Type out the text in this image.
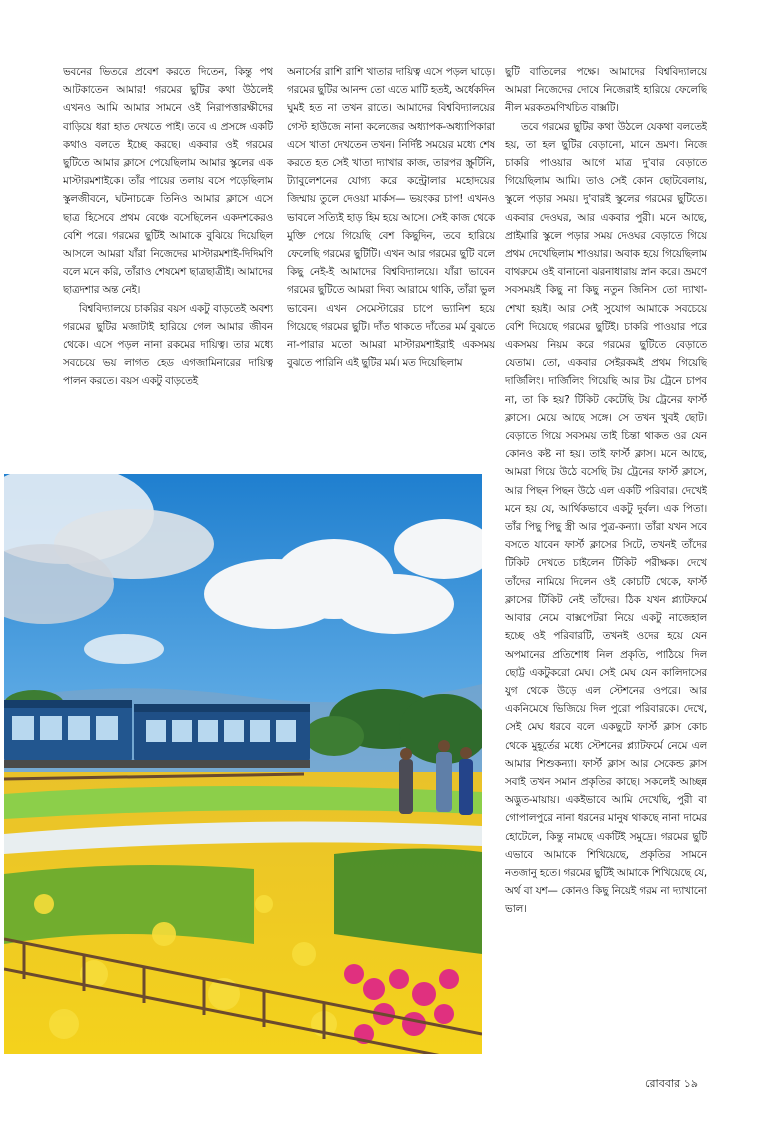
ভবনের ভিতরে প্রবেশ করতে দিতেন, কিন্তু পথ আটকাতেন আমার! গরমের ছুটির কথা উঠলেই এখনও আমি আমার সামনে ওই নিরাপত্তারক্ষীদের বাড়িয়ে ধরা হাত দেখতে পাই। তবে এ প্রসঙ্গে একটি কথাও বলতে ইচ্ছে করছে। একবার ওই গরমের ছুটিতে আমার ক্লাসে পেয়েছিলাম আমার স্কুলের এক মাস্টারমশাইকে। তাঁর পায়ের তলায় বসে পড়েছিলাম স্কুলজীবনে, ঘটনাচক্রে তিনিও আমার ক্লাসে এসে ছাত্র হিসেবে প্রথম বেঞ্চে বসেছিলেন একদশকেরও বেশি পরে। গরমের ছুটিই আমাকে বুঝিয়ে দিয়েছিল আসলে আমরা যাঁরা নিজেদের মাস্টারমশাই-দিদিমণি বলে মনে করি, তাঁরাও শেষমেশ ছাত্রছাত্রীই। আমাদের ছাত্রদশার অন্ত নেই।

বিশ্ববিদ্যালয়ে চাকরির বয়স একটু বাড়তেই অবশ্য গরমের ছুটির মজাটাই হারিয়ে গেল আমার জীবন থেকে। এসে পড়ল নানা রকমের দায়িত্ব। তার মধ্যে সবচেয়ে ভয় লাগত হেড এগজামিনারের দায়িত্ব পালন করতে। বয়স একটু বাড়তেই

অনার্সের রাশি রাশি খাতার দায়িত্ব এসে পড়ল ঘাড়ে। গরমের ছুটির আনন্দ তো এতে মাটি হতই, অর্ধেকদিন ঘুমই হত না তখন রাতে। আমাদের বিশ্ববিদ্যালয়ের গেস্ট হাউজে নানা কলেজের অধ্যাপক-অধ্যাপিকারা এসে খাতা দেখতেন তখন। নির্দিষ্ট সময়ের মধ্যে শেষ করতে হত সেই খাতা দ্যাখার কাজ, তারপর স্ক্রুটিনি, ট্যাবুলেশনের যোগ্য করে কন্ট্রোলার মহোদয়ের জিম্মায় তুলে দেওয়া মার্কস— ভয়ংকর চাপ! এখনও ভাবলে সত্যিই হাড় হিম হয়ে আসে। সেই কাজ থেকে মুক্তি পেয়ে গিয়েছি বেশ কিছুদিন, তবে হারিয়ে ফেলেছি গরমের ছুটিটি। এখন আর গরমের ছুটি বলে কিছু নেই-ই আমাদের বিশ্ববিদ্যালয়ে। যাঁরা ভাবেন গরমের ছুটিতে আমরা দিব্য আরামে থাকি, তাঁরা ভুল ভাবেন। এখন সেমেস্টারের চাপে ভ্যানিশ হয়ে গিয়েছে গরমের ছুটি। দাঁত থাকতে দাঁতের মর্ম বুঝতে না-পারার মতো আমরা মাস্টারমশাইরাই একসময় বুঝতে পারিনি এই ছুটির মর্ম। মত দিয়েছিলাম

ছুটি বাতিলের পক্ষে। আমাদের বিশ্ববিদ্যালয়ে আমরা নিজেদের দোষে নিজেরাই হারিয়ে ফেলেছি নীল মরকতমণিখচিত বাক্সটি।

তবে গরমের ছুটির কথা উঠলে যেকথা বলতেই হয়, তা হল ছুটির বেড়ানো, মানে ভ্রমণ। নিজে চাকরি পাওয়ার আগে মাত্র দু'বার বেড়াতে গিয়েছিলাম আমি। তাও সেই কোন ছোটবেলায়, স্কুলে পড়ার সময়। দু'বারই স্কুলের গরমের ছুটিতে। একবার দেওঘর, আর একবার পুরী। মনে আছে, প্রাইমারি স্কুলে পড়ার সময় দেওঘর বেড়াতে গিয়ে প্রথম দেখেছিলাম শাওয়ার। অবাক হয়ে গিয়েছিলাম বাথরুমে ওই বানানো ঝরনাধারায় স্নান করে। ভ্রমণে সবসময়ই কিছু না কিছু নতুন জিনিস তো দ্যাখা-শেখা হয়ই। আর সেই সুযোগ আমাকে সবচেয়ে বেশি দিয়েছে গরমের ছুটিই। চাকরি পাওয়ার পরে একসময় নিয়ম করে গরমের ছুটিতে বেড়াতে যেতাম। তো, একবার সেইরকমই প্রথম গিয়েছি দার্জিলিং। দার্জিলিং গিয়েছি আর টয় ট্রেনে চাপব না, তা কি হয়? টিকিট কেটেছি টয় ট্রেনের ফার্স্ট ক্লাসে। মেয়ে আছে সঙ্গে। সে তখন খুবই ছোট। বেড়াতে গিয়ে সবসময় তাই চিন্তা থাকত ওর যেন কোনও কষ্ট না হয়। তাই ফার্স্ট ক্লাস। মনে আছে, আমরা গিয়ে উঠে বসেছি টয় ট্রেনের ফার্স্ট ক্লাসে, আর পিছন পিছন উঠে এল একটি পরিবার। দেখেই মনে হয় যে, আর্থিকভাবে একটু দুর্বল। এক পিতা। তাঁর পিছু পিছু স্ত্রী আর পুত্র-কন্যা। তাঁরা যখন সবে বসতে যাবেন ফার্স্ট ক্লাসের সিটে, তখনই তাঁদের টিকিট দেখতে চাইলেন টিকিট পরীক্ষক। দেখে তাঁদের নামিয়ে দিলেন ওই কোচটি থেকে, ফার্স্ট ক্লাসের টিকিট নেই তাঁদের। ঠিক যখন প্ল্যাটফর্মে আবার নেমে বাক্সপেটরা নিয়ে একটু নাজেহাল হচ্ছে ওই পরিবারটি, তখনই ওদের হয়ে যেন অপমানের প্রতিশোধ নিল প্রকৃতি, পাঠিয়ে দিল ছোট্ট একটুকরো মেঘ। সেই মেঘ যেন কালিদাসের যুগ থেকে উড়ে এল স্টেশনের ওপরে। আর একনিমেষে ভিজিয়ে দিল পুরো পরিবারকে। দেখে, সেই মেঘ ধরবে বলে একছুটে ফার্স্ট ক্লাস কোচ থেকে মুহূর্তের মধ্যে স্টেশনের প্ল্যাটফর্মে নেমে এল আমার শিশুকন্যা। ফার্স্ট ক্লাস আর সেকেন্ড ক্লাস সবাই তখন সমান প্রকৃতির কাছে। সকলেই আচ্ছন্ন অদ্ভুত-মায়ায়। একইভাবে আমি দেখেছি, পুরী বা গোপালপুরে নানা ধরনের মানুষ থাকছে নানা দামের হোটেলে, কিন্তু নামছে একটিই সমুদ্রে। গরমের ছুটি এভাবে আমাকে শিখিয়েছে, প্রকৃতির সামনে নতজানু হতে। গরমের ছুটিই আমাকে শিখিয়েছে যে, অর্থ বা যশ— কোনও কিছু নিয়েই গরম না দ্যাখানো ভাল।

রোববার ১৯
